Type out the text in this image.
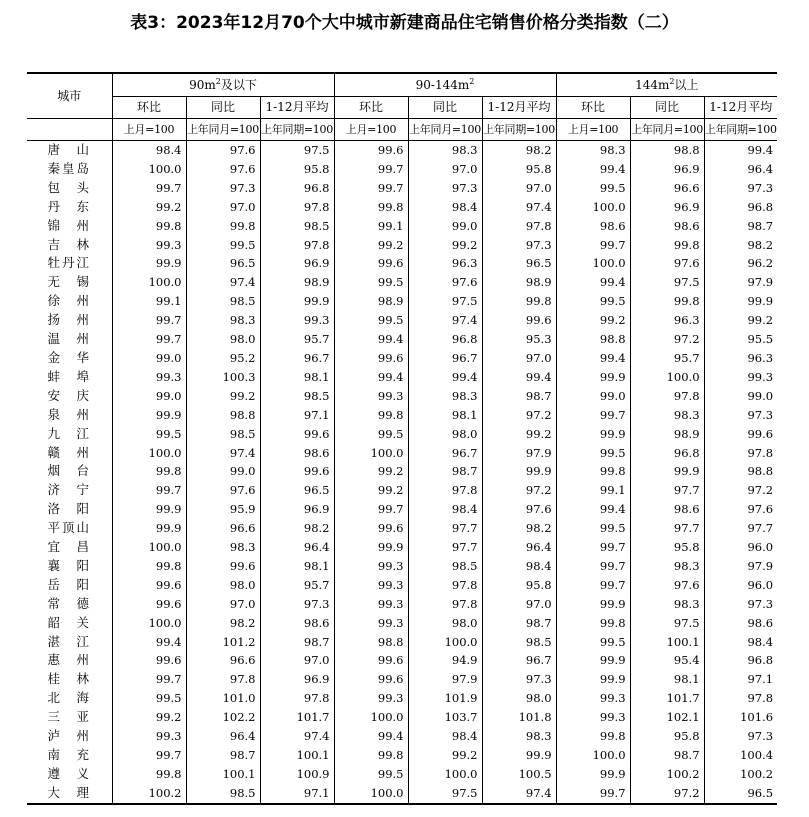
表3：2023年12月70个大中城市新建商品住宅销售价格分类指数（二）
城市	$90m^2$及以下			$90-144m^2$			$144m^2$以上		
	环比	同比	1-12月平均	环比	同比	1-12月平均	环比	同比	1-12月平均
	上月=100	上年同月=100	上年同期=100	上月=100	上年同月=100	上年同期=100	上月=100	上年同月=100	上年同期=100
唐　山	98.4	97.6	97.5	99.6	98.3	98.2	98.3	98.8	99.4
秦皇岛	100.0	97.6	95.8	99.7	97.0	95.8	99.4	96.9	96.4
包　头	99.7	97.3	96.8	99.7	97.3	97.0	99.5	96.6	97.3
丹　东	99.2	97.0	97.8	99.8	98.4	97.4	100.0	96.9	96.8
锦　州	99.8	99.8	98.5	99.1	99.0	97.8	98.6	98.6	98.7
吉　林	99.3	99.5	97.8	99.2	99.2	97.3	99.7	99.8	98.2
牡丹江	99.9	96.5	96.9	99.6	96.3	96.5	100.0	97.6	96.2
无　锡	100.0	97.4	98.9	99.5	97.6	98.9	99.4	97.5	97.9
徐　州	99.1	98.5	99.9	98.9	97.5	99.8	99.5	99.8	99.9
扬　州	99.7	98.3	99.3	99.5	97.4	99.6	99.2	96.3	99.2
温　州	99.7	98.0	95.7	99.4	96.8	95.3	98.8	97.2	95.5
金　华	99.0	95.2	96.7	99.6	96.7	97.0	99.4	95.7	96.3
蚌　埠	99.3	100.3	98.1	99.4	99.4	99.4	99.9	100.0	99.3
安　庆	99.0	99.2	98.5	99.3	98.3	98.7	99.0	97.8	99.0
泉　州	99.9	98.8	97.1	99.8	98.1	97.2	99.7	98.3	97.3
九　江	99.5	98.5	99.6	99.5	98.0	99.2	99.9	98.9	99.6
赣　州	100.0	97.4	98.6	100.0	96.7	97.9	99.5	96.8	97.8
烟　台	99.8	99.0	99.6	99.2	98.7	99.9	99.8	99.9	98.8
济　宁	99.7	97.6	96.5	99.2	97.8	97.2	99.1	97.7	97.2
洛　阳	99.9	95.9	96.9	99.7	98.4	97.6	99.4	98.6	97.6
平顶山	99.9	96.6	98.2	99.6	97.7	98.2	99.5	97.7	97.7
宜　昌	100.0	98.3	96.4	99.9	97.7	96.4	99.7	95.8	96.0
襄　阳	99.8	99.6	98.1	99.3	98.5	98.4	99.7	98.3	97.9
岳　阳	99.6	98.0	95.7	99.3	97.8	95.8	99.7	97.6	96.0
常　德	99.6	97.0	97.3	99.3	97.8	97.0	99.9	98.3	97.3
韶　关	100.0	98.2	98.6	99.3	98.0	98.7	99.8	97.5	98.6
湛　江	99.4	101.2	98.7	98.8	100.0	98.5	99.5	100.1	98.4
惠　州	99.6	96.6	97.0	99.6	94.9	96.7	99.9	95.4	96.8
桂　林	99.7	97.8	96.9	99.6	97.9	97.3	99.9	98.1	97.1
北　海	99.5	101.0	97.8	99.3	101.9	98.0	99.3	101.7	97.8
三　亚	99.2	102.2	101.7	100.0	103.7	101.8	99.3	102.1	101.6
泸　州	99.3	96.4	97.4	99.4	98.4	98.3	99.8	95.8	97.3
南　充	99.7	98.7	100.1	99.8	99.2	99.9	100.0	98.7	100.4
遵　义	99.8	100.1	100.9	99.5	100.0	100.5	99.9	100.2	100.2
大　理	100.2	98.5	97.1	100.0	97.5	97.4	99.7	97.2	96.5
